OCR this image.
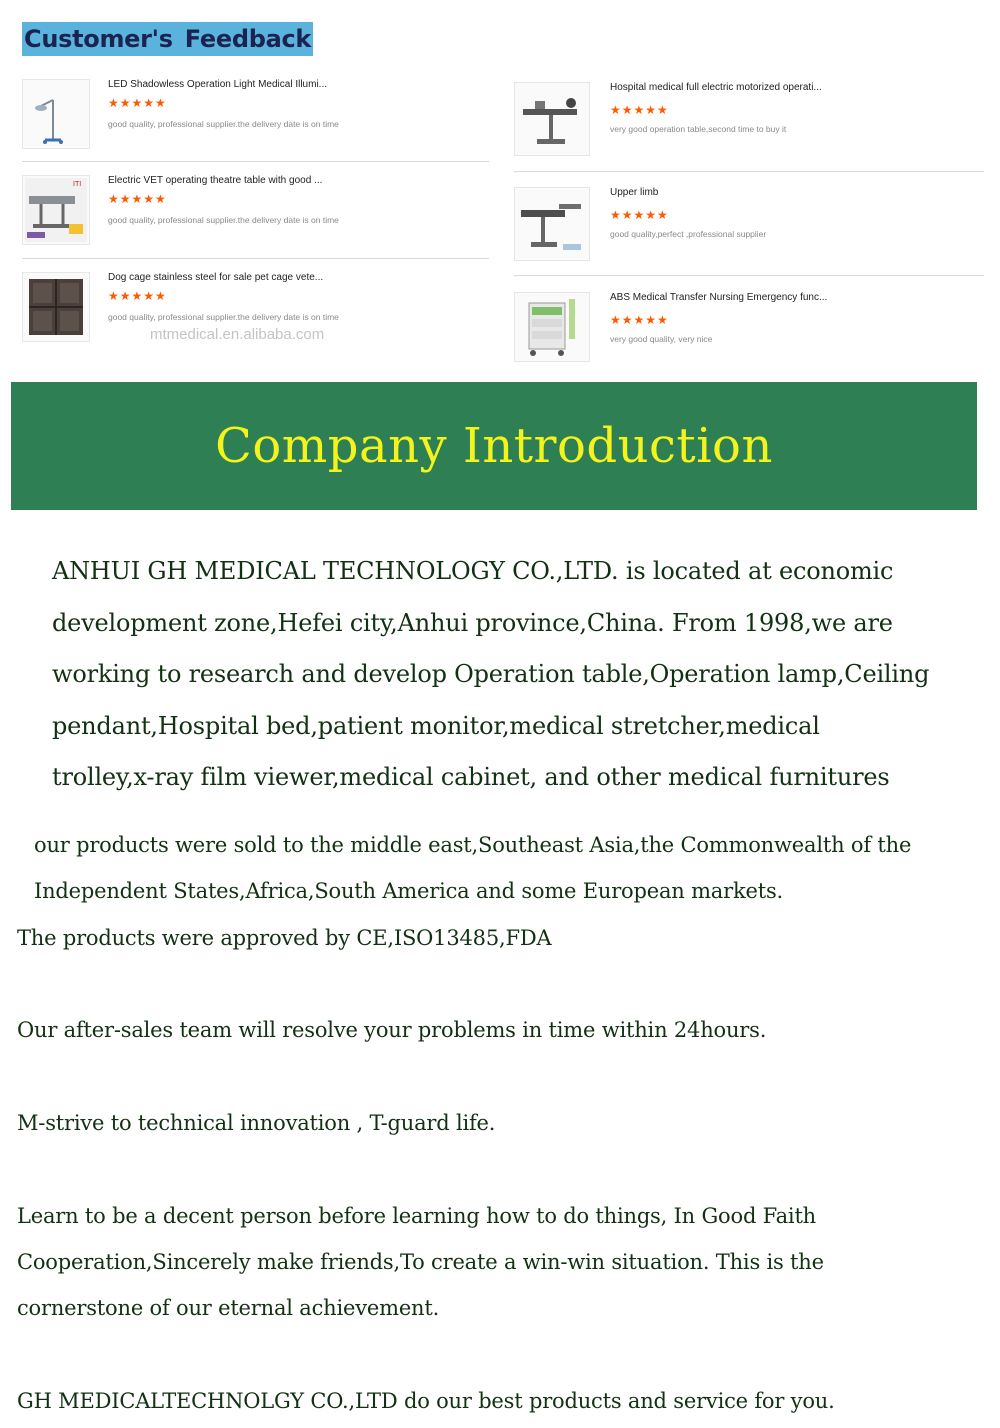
Customer's Feedback
LED Shadowless Operation Light Medical Illumi...
★★★★★
good quality, professional supplier.the delivery date is on time
ITI	Electric VET operating theatre table with good ...
★★★★★
good quality, professional supplier.the delivery date is on time
Dog cage stainless steel for sale pet cage vete...
★★★★★
good quality, professional supplier.the delivery date is on time
mtmedical.en.alibaba.com
Hospital medical full electric motorized operati...
★★★★★
very good operation table,second time to buy it
Upper limb
★★★★★
good quality,perfect ,professional supplier
ABS Medical Transfer Nursing Emergency func...
★★★★★
very good quality, very nice
Company Introduction
ANHUI GH MEDICAL TECHNOLOGY CO.,LTD. is located at economic
development zone,Hefei city,Anhui province,China. From 1998,we are
working to research and develop Operation table,Operation lamp,Ceiling
pendant,Hospital bed,patient monitor,medical stretcher,medical
trolley,x-ray film viewer,medical cabinet, and other medical furnitures
our products were sold to the middle east,Southeast Asia,the Commonwealth of the
Independent States,Africa,South America and some European markets.
The products were approved by CE,ISO13485,FDA
Our after-sales team will resolve your problems in time within 24hours.
M-strive to technical innovation , T-guard life.
Learn to be a decent person before learning how to do things, In Good Faith
Cooperation,Sincerely make friends,To create a win-win situation. This is the
cornerstone of our eternal achievement.
GH MEDICALTECHNOLGY CO.,LTD do our best products and service for you.
